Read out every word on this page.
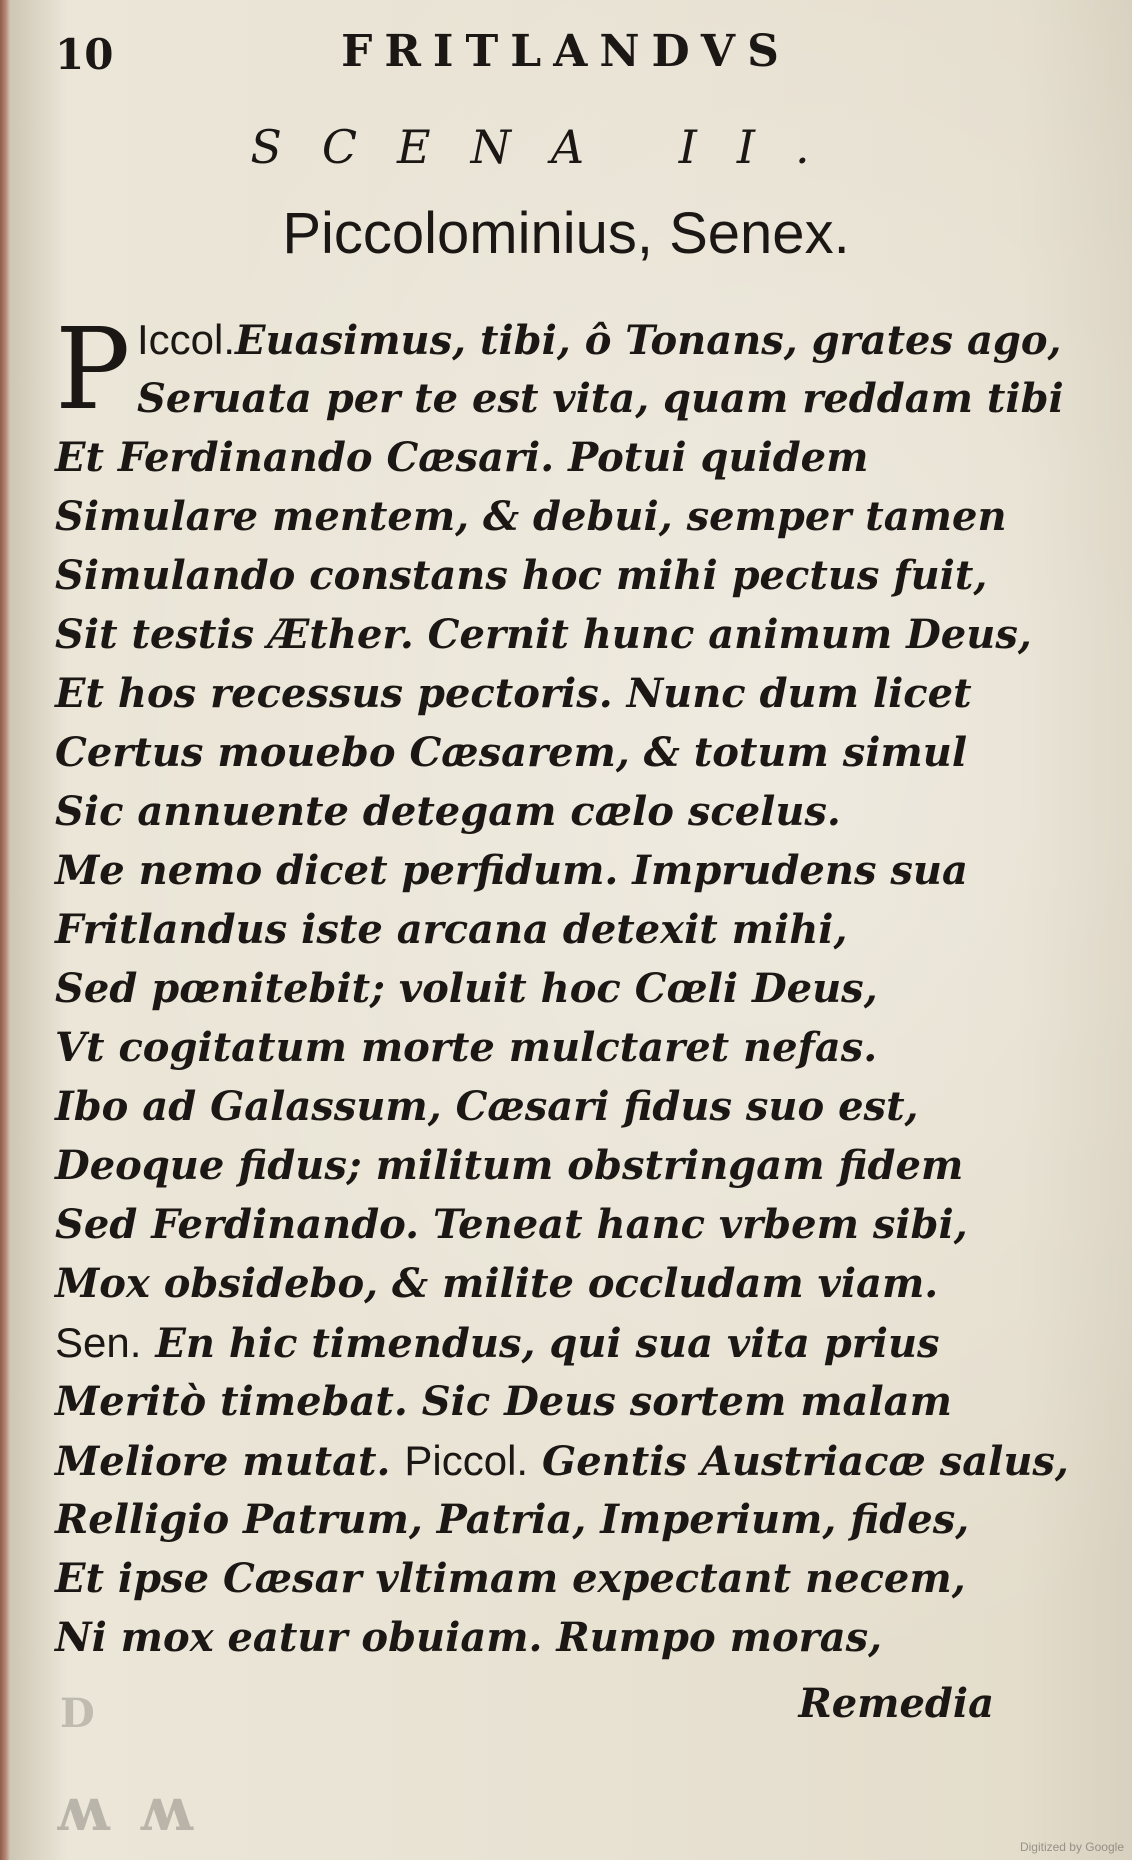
10	FRITLANDVS
SCENA II.
Piccolominius, Senex.
P Iccol.Euasimus, tibi, ô Tonans, grates ago,
Seruata per te est vita, quam reddam tibi
Et Ferdinando Cæsari. Potui quidem
Simulare mentem, & debui, semper tamen
Simulando constans hoc mihi pectus fuit,
Sit testis Æther. Cernit hunc animum Deus,
Et hos recessus pectoris. Nunc dum licet
Certus mouebo Cæsarem, & totum simul
Sic annuente detegam cælo scelus.
Me nemo dicet perfidum. Imprudens sua
Fritlandus iste arcana detexit mihi,
Sed pœnitebit; voluit hoc Cœli Deus,
Vt cogitatum morte mulctaret nefas.
Ibo ad Galassum, Cæsari fidus suo est,
Deoque fidus; militum obstringam fidem
Sed Ferdinando. Teneat hanc vrbem sibi,
Mox obsidebo, & milite occludam viam.
Sen. En hic timendus, qui sua vita prius
Meritò timebat. Sic Deus sortem malam
Meliore mutat. Piccol. Gentis Austriacæ salus,
Relligio Patrum, Patria, Imperium, fides,
Et ipse Cæsar vltimam expectant necem,
Ni mox eatur obuiam. Rumpo moras,
Remedia
D
ʍ ʍ
Digitized by Google
